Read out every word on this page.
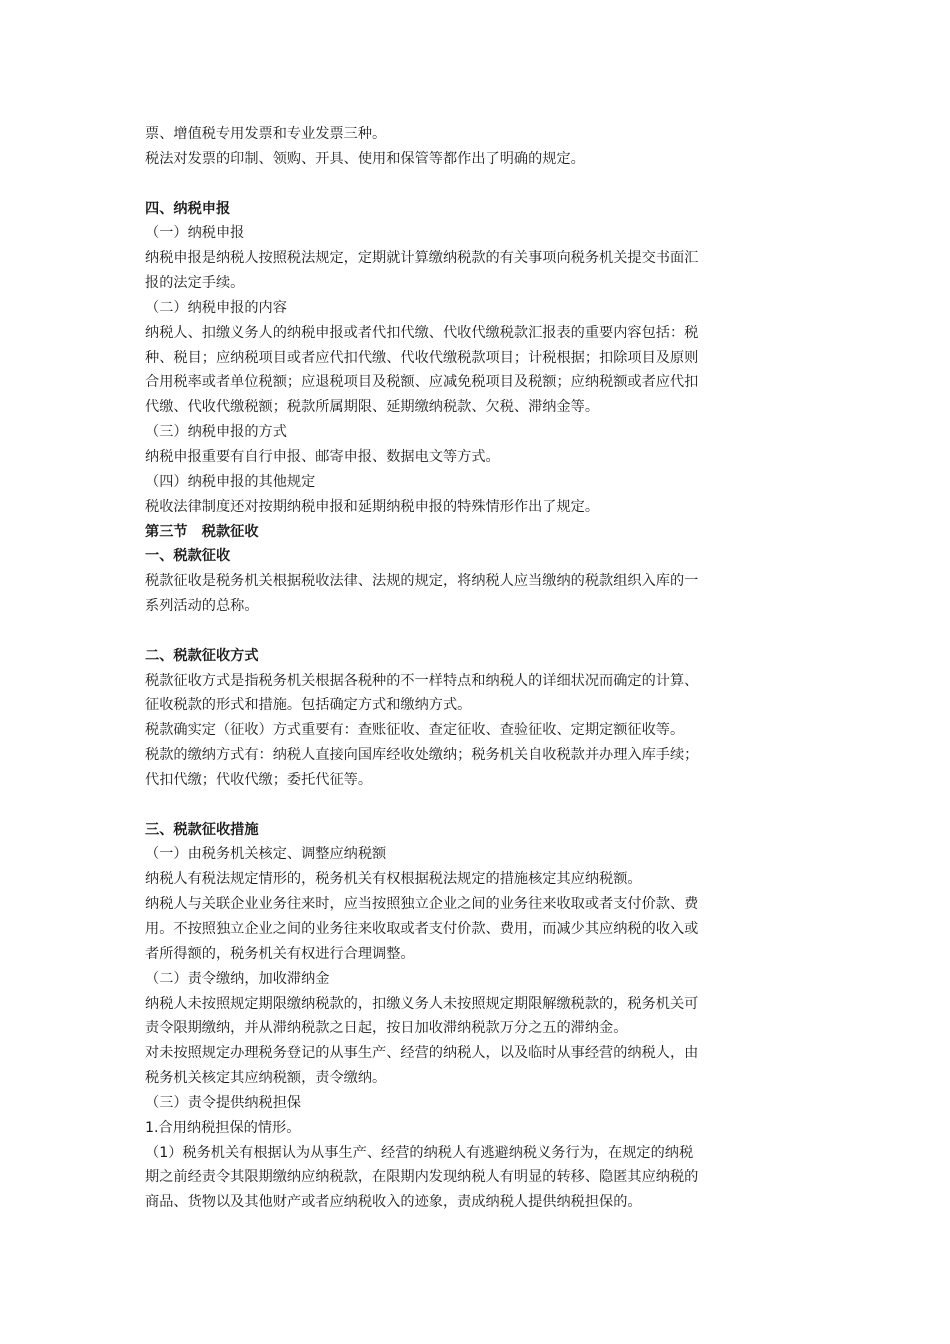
票、增值税专用发票和专业发票三种。
税法对发票的印制、领购、开具、使用和保管等都作出了明确的规定。
四、纳税申报
（一）纳税申报
纳税申报是纳税人按照税法规定，定期就计算缴纳税款的有关事项向税务机关提交书面汇
报的法定手续。
（二）纳税申报的内容
纳税人、扣缴义务人的纳税申报或者代扣代缴、代收代缴税款汇报表的重要内容包括：税
种、税目；应纳税项目或者应代扣代缴、代收代缴税款项目；计税根据；扣除项目及原则
合用税率或者单位税额；应退税项目及税额、应减免税项目及税额；应纳税额或者应代扣
代缴、代收代缴税额；税款所属期限、延期缴纳税款、欠税、滞纳金等。
（三）纳税申报的方式
纳税申报重要有自行申报、邮寄申报、数据电文等方式。
（四）纳税申报的其他规定
税收法律制度还对按期纳税申报和延期纳税申报的特殊情形作出了规定。
第三节　税款征收
一、税款征收
税款征收是税务机关根据税收法律、法规的规定，将纳税人应当缴纳的税款组织入库的一
系列活动的总称。
二、税款征收方式
税款征收方式是指税务机关根据各税种的不一样特点和纳税人的详细状况而确定的计算、
征收税款的形式和措施。包括确定方式和缴纳方式。
税款确实定（征收）方式重要有：查账征收、查定征收、查验征收、定期定额征收等。
税款的缴纳方式有：纳税人直接向国库经收处缴纳；税务机关自收税款并办理入库手续；
代扣代缴；代收代缴；委托代征等。
三、税款征收措施
（一）由税务机关核定、调整应纳税额
纳税人有税法规定情形的，税务机关有权根据税法规定的措施核定其应纳税额。
纳税人与关联企业业务往来时，应当按照独立企业之间的业务往来收取或者支付价款、费
用。不按照独立企业之间的业务往来收取或者支付价款、费用，而减少其应纳税的收入或
者所得额的，税务机关有权进行合理调整。
（二）责令缴纳，加收滞纳金
纳税人未按照规定期限缴纳税款的，扣缴义务人未按照规定期限解缴税款的，税务机关可
责令限期缴纳，并从滞纳税款之日起，按日加收滞纳税款万分之五的滞纳金。
对未按照规定办理税务登记的从事生产、经营的纳税人，以及临时从事经营的纳税人，由
税务机关核定其应纳税额，责令缴纳。
（三）责令提供纳税担保
1.合用纳税担保的情形。
（1）税务机关有根据认为从事生产、经营的纳税人有逃避纳税义务行为，在规定的纳税
期之前经责令其限期缴纳应纳税款，在限期内发现纳税人有明显的转移、隐匿其应纳税的
商品、货物以及其他财产或者应纳税收入的迹象，责成纳税人提供纳税担保的。
